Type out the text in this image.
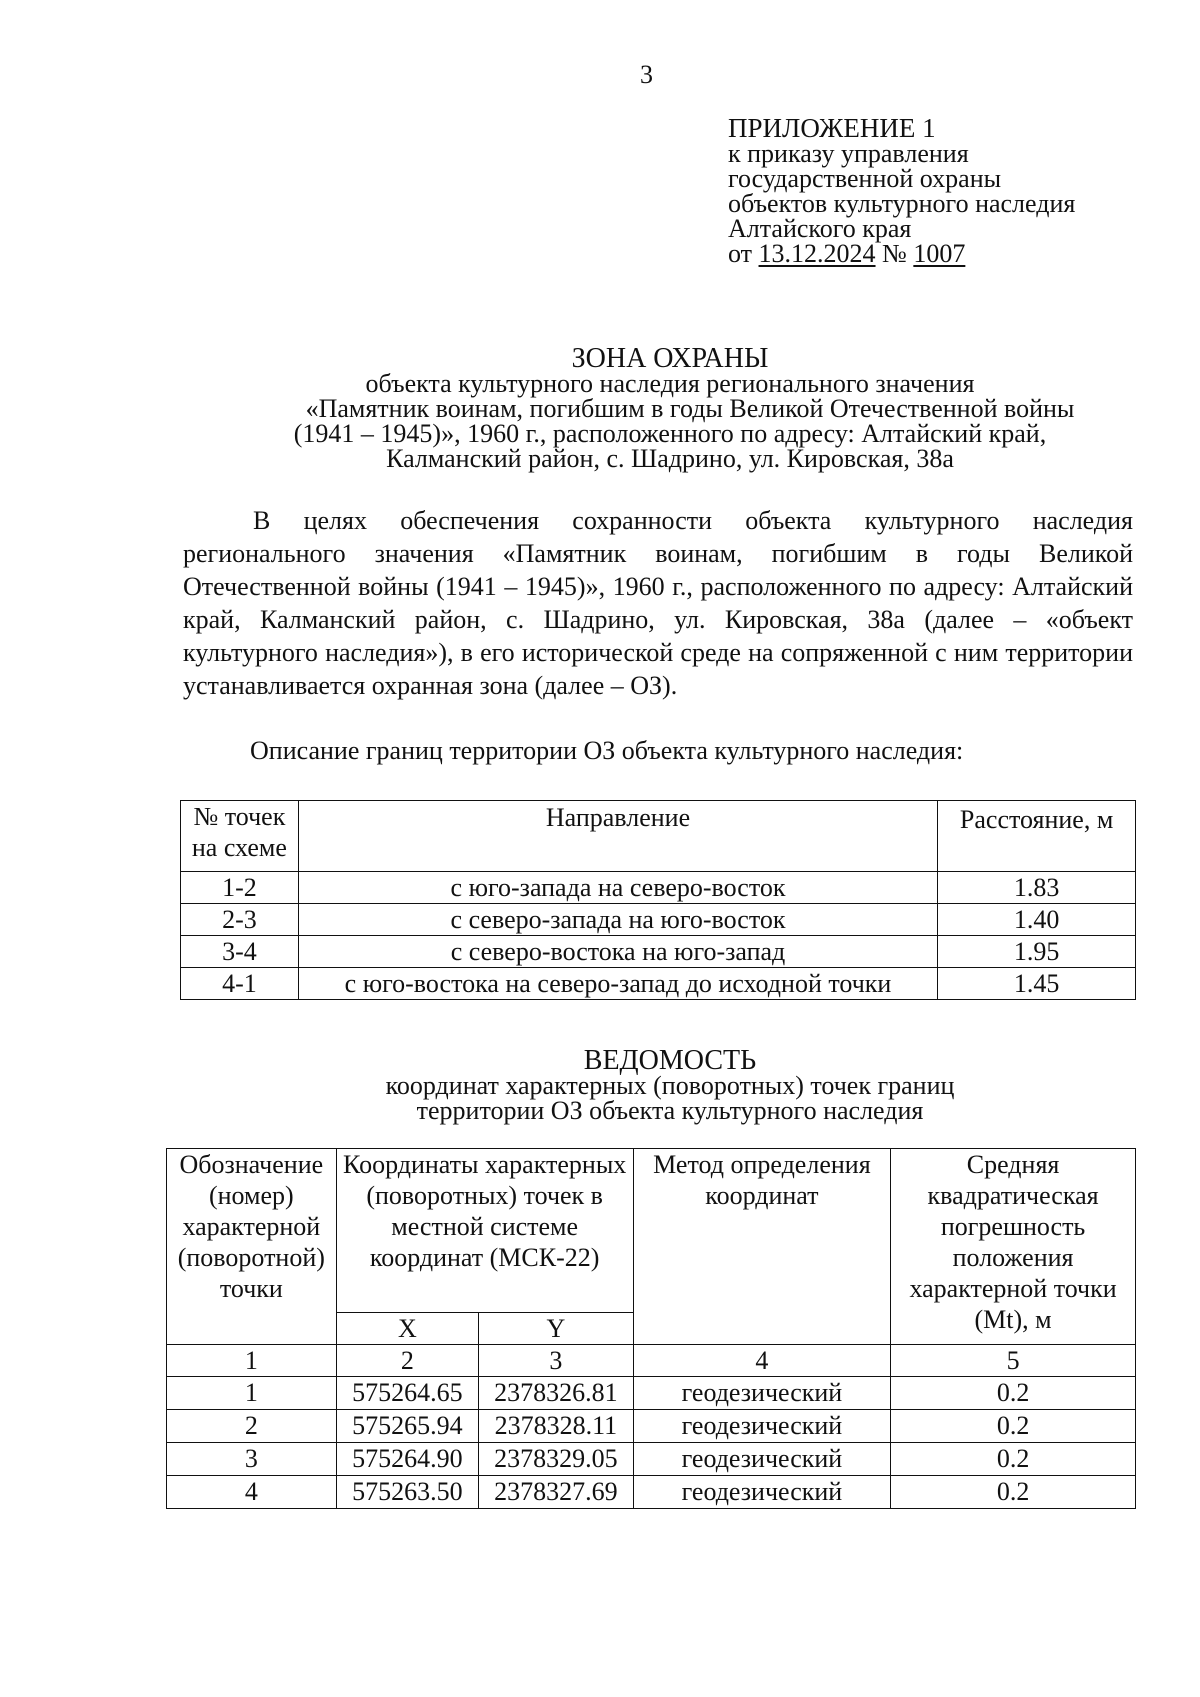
3
ПРИЛОЖЕНИЕ 1
к приказу управления
государственной охраны
объектов культурного наследия
Алтайского края
от 13.12.2024 № 1007
ЗОНА ОХРАНЫ
объекта культурного наследия регионального значения
«Памятник воинам, погибшим в годы Великой Отечественной войны
(1941 – 1945)», 1960 г., расположенного по адресу: Алтайский край,
Калманский район, с. Шадрино, ул. Кировская, 38а
В целях обеспечения сохранности объекта культурного наследия регионального значения «Памятник воинам, погибшим в годы Великой Отечественной войны (1941 – 1945)», 1960 г., расположенного по адресу: Алтайский край, Калманский район, с. Шадрино, ул. Кировская, 38а (далее – «объект культурного наследия»), в его исторической среде на сопряженной с ним территории устанавливается охранная зона (далее – ОЗ).
Описание границ территории ОЗ объекта культурного наследия:
№ точек на схеме	Направление	Расстояние, м
1-2	с юго-запада на северо-восток	1.83
2-3	с северо-запада на юго-восток	1.40
3-4	с северо-востока на юго-запад	1.95
4-1	с юго-востока на северо-запад до исходной точки	1.45
ВЕДОМОСТЬ
координат характерных (поворотных) точек границ
территории ОЗ объекта культурного наследия
Обозначение (номер) характерной (поворотной) точки	Координаты характерных (поворотных) точек в местной системе координат (МСК-22)		Метод определения координат	Средняя квадратическая погрешность положения характерной точки (Mt), м
	X	Y		
1	2	3	4	5
1	575264.65	2378326.81	геодезический	0.2
2	575265.94	2378328.11	геодезический	0.2
3	575264.90	2378329.05	геодезический	0.2
4	575263.50	2378327.69	геодезический	0.2
